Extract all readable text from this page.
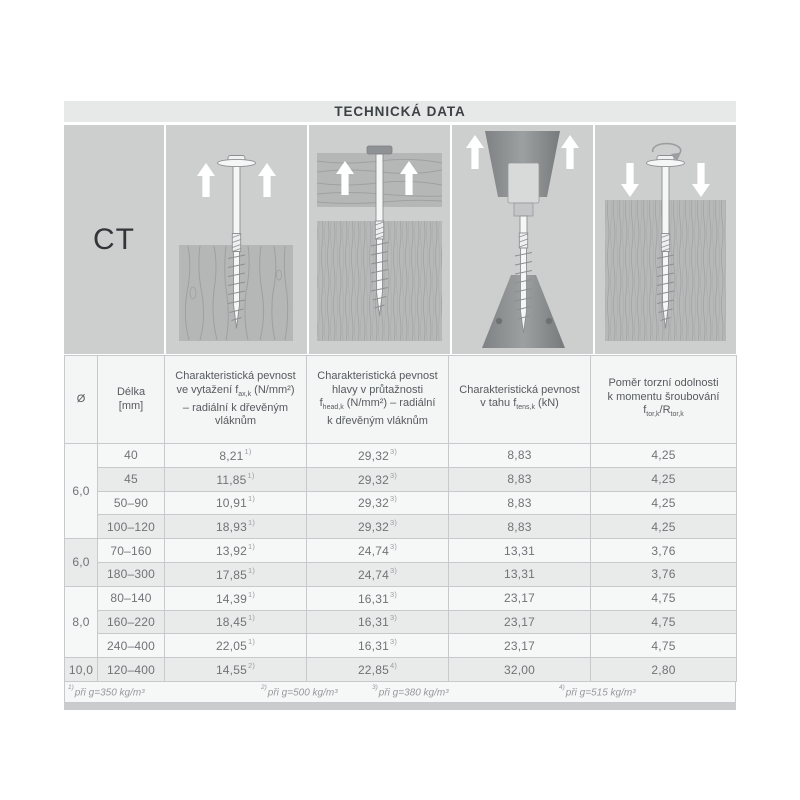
TECHNICKÁ DATA
CT
Ø	
Délka
[mm]

Charakteristická pevnost
ve vytažení $f_{ax,k}$ (N/mm²)
– radiální k dřevěným
vláknům

Charakteristická pevnost
hlavy v průtažnosti
$f_{head,k}$ (N/mm²) – radiální
k dřevěným vláknům

Charakteristická pevnost
v tahu $f_{tens,k}$ (kN)

Poměr torzní odolnosti
k momentu šroubování
$f_{tor,k}/R_{tor,k}$

6,0	40	8,21$^{1)}$	29,32$^{3)}$	8,83	4,25
	45	11,85$^{1)}$	29,32$^{3)}$	8,83	4,25
	50–90	10,91$^{1)}$	29,32$^{3)}$	8,83	4,25
	100–120	18,93$^{1)}$	29,32$^{3)}$	8,83	4,25
6,0	70–160	13,92$^{1)}$	24,74$^{3)}$	13,31	3,76
	180–300	17,85$^{1)}$	24,74$^{3)}$	13,31	3,76
8,0	80–140	14,39$^{1)}$	16,31$^{3)}$	23,17	4,75
	160–220	18,45$^{1)}$	16,31$^{3)}$	23,17	4,75
	240–400	22,05$^{1)}$	16,31$^{3)}$	23,17	4,75
10,0	120–400	14,55$^{2)}$	22,85$^{4)}$	32,00	2,80
$^{1)}$při g=350 kg/m³	$^{2)}$při g=500 kg/m³	$^{3)}$při g=380 kg/m³	$^{4)}$při g=515 kg/m³
